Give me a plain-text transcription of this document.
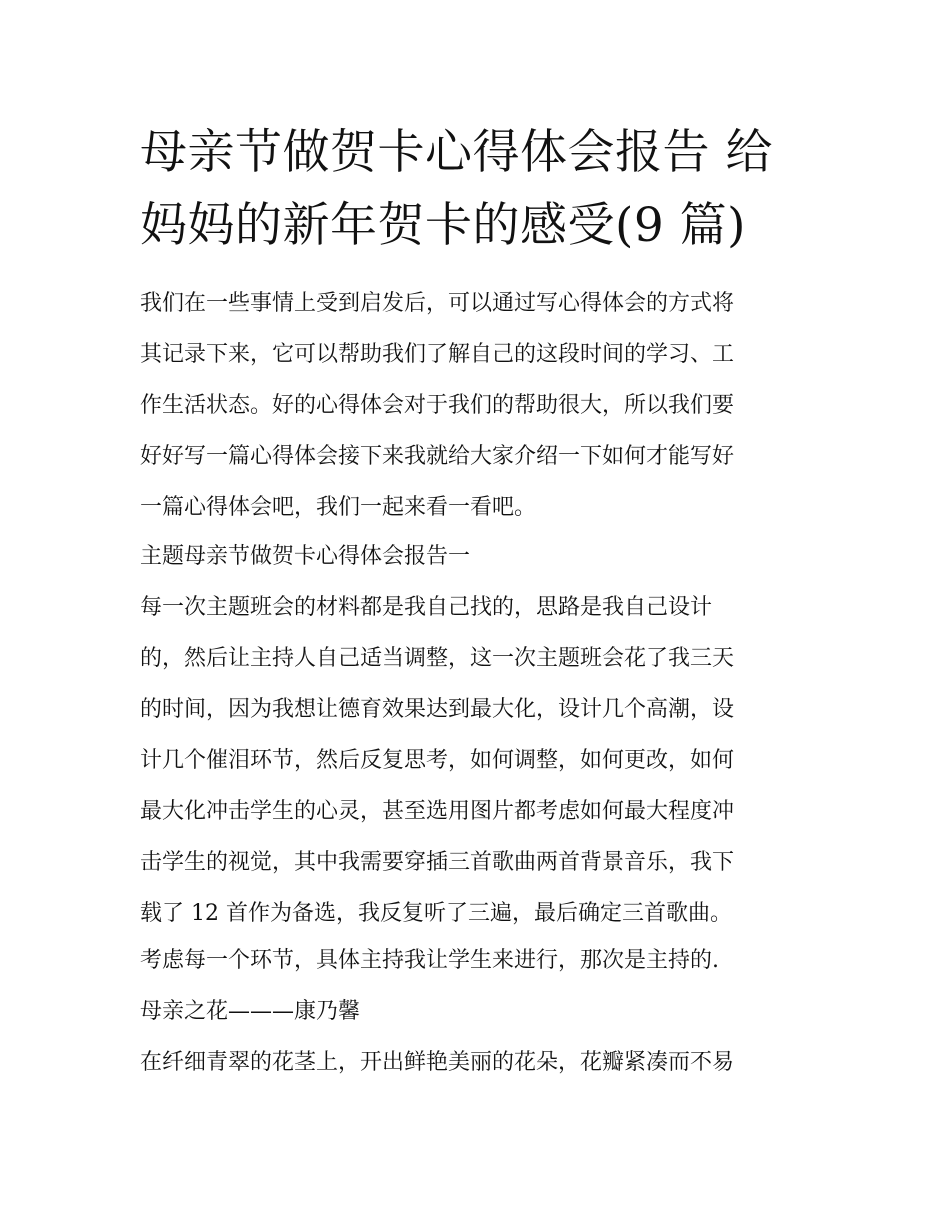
母亲节做贺卡心得体会报告 给
妈妈的新年贺卡的感受(9 篇)

我们在一些事情上受到启发后，可以通过写心得体会的方式将
其记录下来，它可以帮助我们了解自己的这段时间的学习、工
作生活状态。好的心得体会对于我们的帮助很大，所以我们要
好好写一篇心得体会接下来我就给大家介绍一下如何才能写好
一篇心得体会吧，我们一起来看一看吧。

主题母亲节做贺卡心得体会报告一

每一次主题班会的材料都是我自己找的，思路是我自己设计
的，然后让主持人自己适当调整，这一次主题班会花了我三天
的时间，因为我想让德育效果达到最大化，设计几个高潮，设
计几个催泪环节，然后反复思考，如何调整，如何更改，如何
最大化冲击学生的心灵，甚至选用图片都考虑如何最大程度冲
击学生的视觉，其中我需要穿插三首歌曲两首背景音乐，我下
载了 12 首作为备选，我反复听了三遍，最后确定三首歌曲。

考虑每一个环节，具体主持我让学生来进行，那次是主持的.

母亲之花———康乃馨

在纤细青翠的花茎上，开出鲜艳美丽的花朵，花瓣紧凑而不易
